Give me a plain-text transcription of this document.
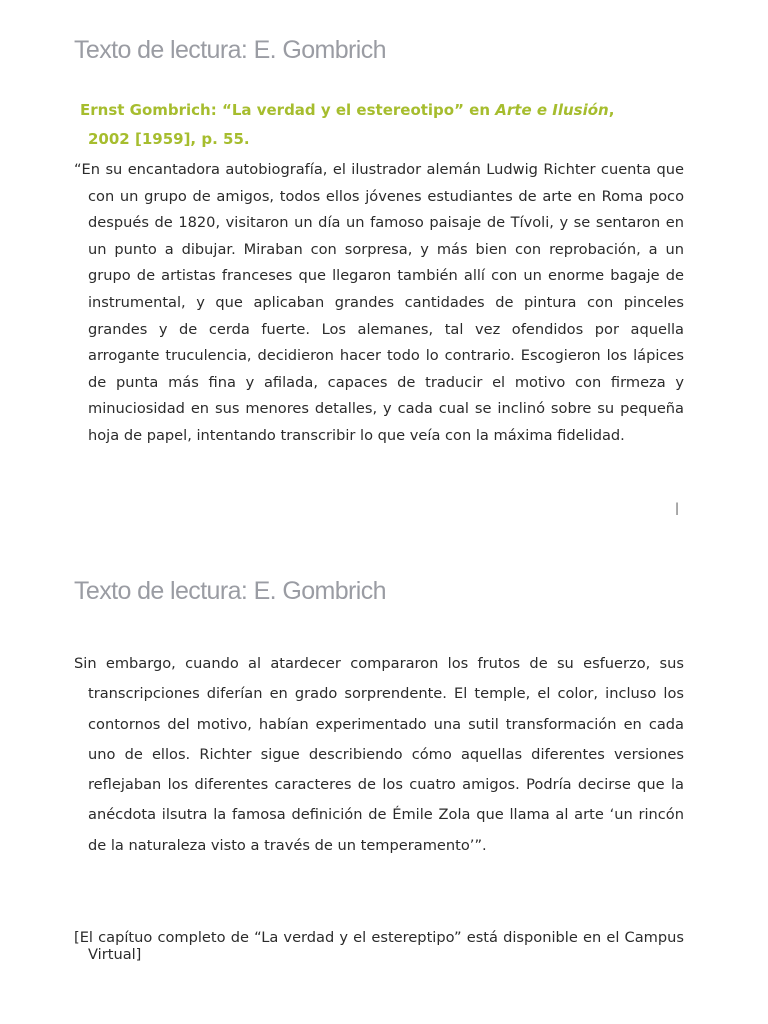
Texto de lectura: E. Gombrich
Ernst Gombrich: “La verdad y el estereotipo” en Arte e Ilusión,
2002 [1959], p. 55.

“En su encantadora autobiografía, el ilustrador alemán Ludwig Richter cuenta que con un grupo de amigos, todos ellos jóvenes estudiantes de arte en Roma poco después de 1820, visitaron un día un famoso paisaje de Tívoli, y se sentaron en un punto a dibujar. Miraban con sorpresa, y más bien con reprobación, a un grupo de artistas franceses que llegaron también allí con un enorme bagaje de instrumental, y que aplicaban grandes cantidades de pintura con pinceles grandes y de cerda fuerte. Los alemanes, tal vez ofendidos por aquella arrogante truculencia, decidieron hacer todo lo contrario. Escogieron los lápices de punta más fina y afilada, capaces de traducir el motivo con firmeza y minuciosidad en sus menores detalles, y cada cual se inclinó sobre su pequeña hoja de papel, intentando transcribir lo que veía con la máxima fidelidad.

|
Texto de lectura: E. Gombrich

Sin embargo, cuando al atardecer compararon los frutos de su esfuerzo, sus transcripciones diferían en grado sorprendente. El temple, el color, incluso los contornos del motivo, habían experimentado una sutil transformación en cada uno de ellos. Richter sigue describiendo cómo aquellas diferentes versiones reflejaban los diferentes caracteres de los cuatro amigos. Podría decirse que la anécdota ilsutra la famosa definición de Émile Zola que llama al arte ‘un rincón de la naturaleza visto a través de un temperamento’”.

[El capítuo completo de “La verdad y el estereptipo” está disponible en el Campus Virtual]
